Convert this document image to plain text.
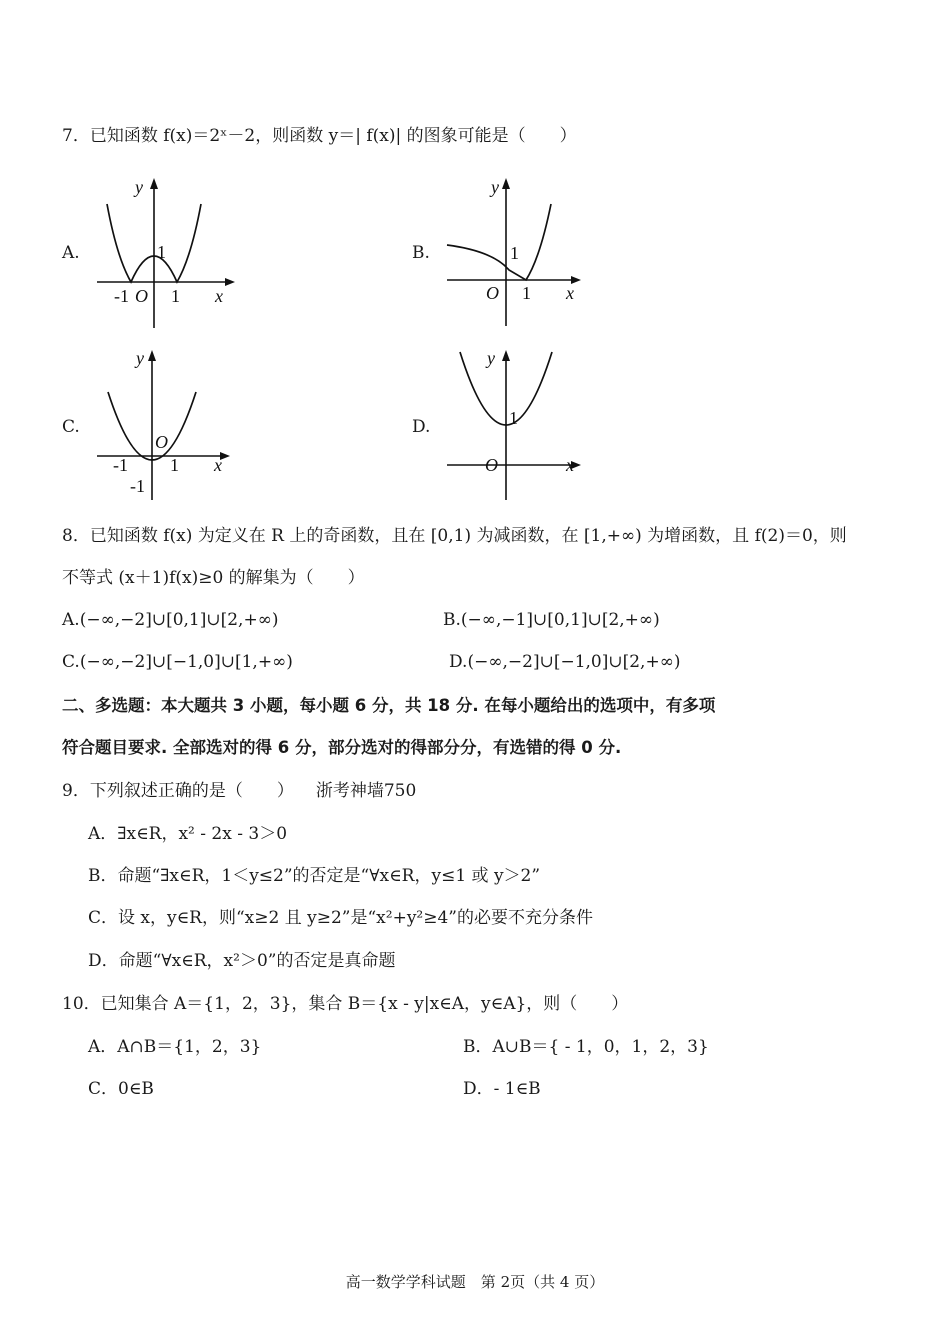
7．已知函数 f(x)＝2ˣ－2，则函数 y＝| f(x)| 的图象可能是（　　）
A.
y
x
1
-1 O 1
B.
y
x
1
O 1
C.
y
x
O
-1 1
-1
D.
y
x
1
O
8．已知函数 f(x) 为定义在 R 上的奇函数，且在 [0,1) 为减函数，在 [1,+∞) 为增函数，且 f(2)＝0，则
不等式 (x＋1)f(x)≥0 的解集为（　　）
A.(−∞,−2]∪[0,1]∪[2,+∞)	B.(−∞,−1]∪[0,1]∪[2,+∞)
C.(−∞,−2]∪[−1,0]∪[1,+∞)	D.(−∞,−2]∪[−1,0]∪[2,+∞)
二、多选题：本大题共 3 小题，每小题 6 分，共 18 分. 在每小题给出的选项中，有多项
符合题目要求. 全部选对的得 6 分，部分选对的得部分分，有选错的得 0 分.
9．下列叙述正确的是（　　） 浙考神墙750
A．∃x∈R，x² - 2x - 3＞0
B．命题“∃x∈R，1＜y≤2”的否定是“∀x∈R，y≤1 或 y＞2”
C．设 x，y∈R，则“x≥2 且 y≥2”是“x²+y²≥4”的必要不充分条件
D．命题“∀x∈R，x²＞0”的否定是真命题
10．已知集合 A＝{1，2，3}，集合 B＝{x - y|x∈A，y∈A}，则（　　）
A．A∩B＝{1，2，3}	B．A∪B＝{ - 1，0，1，2，3}
C．0∈B	D．- 1∈B
高一数学学科试题　第 2页（共 4 页）
